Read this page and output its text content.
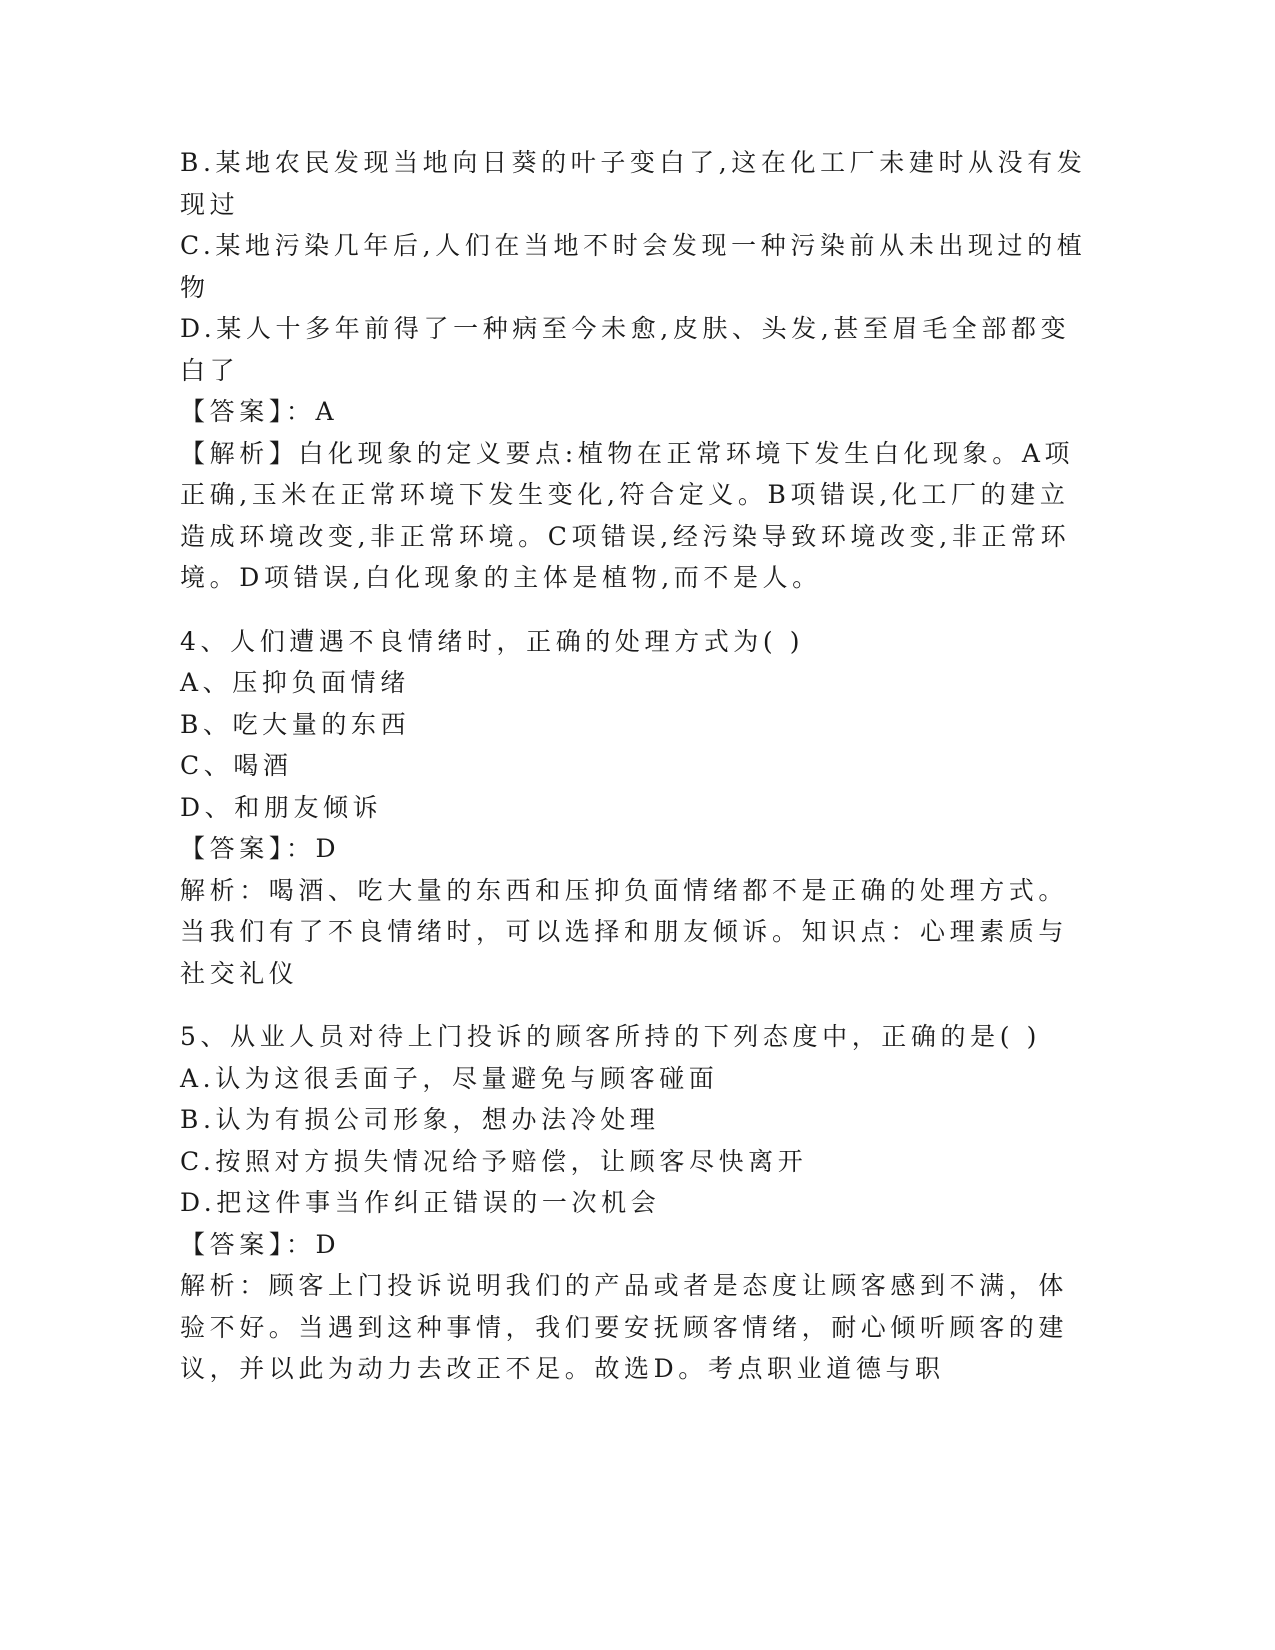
B.某地农民发现当地向日葵的叶子变白了,这在化工厂未建时从没有发
现过
C.某地污染几年后,人们在当地不时会发现一种污染前从未出现过的植
物
D.某人十多年前得了一种病至今未愈,皮肤、头发,甚至眉毛全部都变
白了
【答案】：A
【解析】白化现象的定义要点:植物在正常环境下发生白化现象。A项
正确,玉米在正常环境下发生变化,符合定义。B项错误,化工厂的建立
造成环境改变,非正常环境。C项错误,经污染导致环境改变,非正常环
境。D项错误,白化现象的主体是植物,而不是人。
4、人们遭遇不良情绪时，正确的处理方式为( )
A、压抑负面情绪
B、吃大量的东西
C、喝酒
D、和朋友倾诉
【答案】：D
解析：喝酒、吃大量的东西和压抑负面情绪都不是正确的处理方式。
当我们有了不良情绪时，可以选择和朋友倾诉。知识点：心理素质与
社交礼仪
5、从业人员对待上门投诉的顾客所持的下列态度中，正确的是( )
A.认为这很丢面子，尽量避免与顾客碰面
B.认为有损公司形象，想办法冷处理
C.按照对方损失情况给予赔偿，让顾客尽快离开
D.把这件事当作纠正错误的一次机会
【答案】：D
解析：顾客上门投诉说明我们的产品或者是态度让顾客感到不满，体
验不好。当遇到这种事情，我们要安抚顾客情绪，耐心倾听顾客的建
议，并以此为动力去改正不足。故选D。考点职业道德与职
